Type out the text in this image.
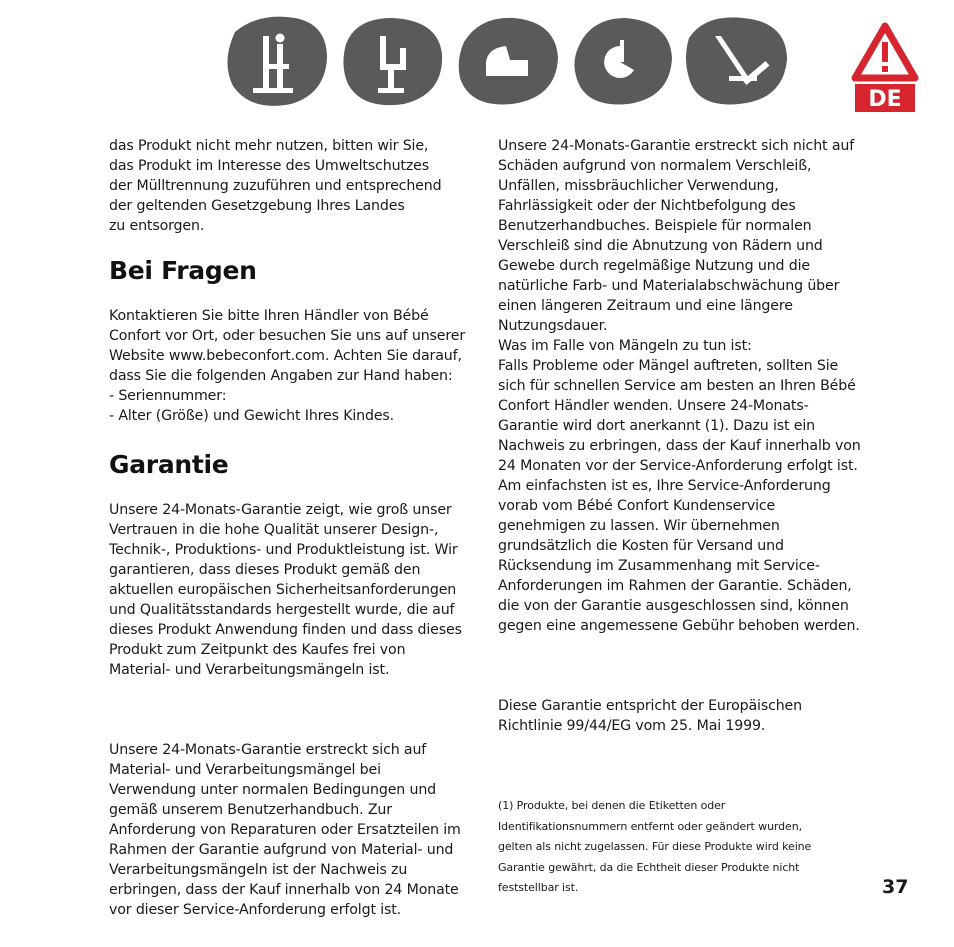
DE

das Produkt nicht mehr nutzen, bitten wir Sie,
das Produkt im Interesse des Umweltschutzes
der Mülltrennung zuzuführen und entsprechend
der geltenden Gesetzgebung Ihres Landes
zu entsorgen.

Bei Fragen

Kontaktieren Sie bitte Ihren Händler von Bébé
Confort vor Ort, oder besuchen Sie uns auf unserer
Website www.bebeconfort.com. Achten Sie darauf,
dass Sie die folgenden Angaben zur Hand haben:
- Seriennummer:
- Alter (Größe) und Gewicht Ihres Kindes.

Garantie

Unsere 24-Monats-Garantie zeigt, wie groß unser
Vertrauen in die hohe Qualität unserer Design-,
Technik-, Produktions- und Produktleistung ist. Wir
garantieren, dass dieses Produkt gemäß den
aktuellen europäischen Sicherheitsanforderungen
und Qualitätsstandards hergestellt wurde, die auf
dieses Produkt Anwendung finden und dass dieses
Produkt zum Zeitpunkt des Kaufes frei von
Material- und Verarbeitungsmängeln ist.

Unsere 24-Monats-Garantie erstreckt sich auf
Material- und Verarbeitungsmängel bei
Verwendung unter normalen Bedingungen und
gemäß unserem Benutzerhandbuch. Zur
Anforderung von Reparaturen oder Ersatzteilen im
Rahmen der Garantie aufgrund von Material- und
Verarbeitungsmängeln ist der Nachweis zu
erbringen, dass der Kauf innerhalb von 24 Monate
vor dieser Service-Anforderung erfolgt ist.

Unsere 24-Monats-Garantie erstreckt sich nicht auf
Schäden aufgrund von normalem Verschleiß,
Unfällen, missbräuchlicher Verwendung,
Fahrlässigkeit oder der Nichtbefolgung des
Benutzerhandbuches. Beispiele für normalen
Verschleiß sind die Abnutzung von Rädern und
Gewebe durch regelmäßige Nutzung und die
natürliche Farb- und Materialabschwächung über
einen längeren Zeitraum und eine längere
Nutzungsdauer.
Was im Falle von Mängeln zu tun ist:
Falls Probleme oder Mängel auftreten, sollten Sie
sich für schnellen Service am besten an Ihren Bébé
Confort Händler wenden. Unsere 24-Monats-
Garantie wird dort anerkannt (1). Dazu ist ein
Nachweis zu erbringen, dass der Kauf innerhalb von
24 Monaten vor der Service-Anforderung erfolgt ist.
Am einfachsten ist es, Ihre Service-Anforderung
vorab vom Bébé Confort Kundenservice
genehmigen zu lassen. Wir übernehmen
grundsätzlich die Kosten für Versand und
Rücksendung im Zusammenhang mit Service-
Anforderungen im Rahmen der Garantie. Schäden,
die von der Garantie ausgeschlossen sind, können
gegen eine angemessene Gebühr behoben werden.

Diese Garantie entspricht der Europäischen
Richtlinie 99/44/EG vom 25. Mai 1999.

(1) Produkte, bei denen die Etiketten oder
Identifikationsnummern entfernt oder geändert wurden,
gelten als nicht zugelassen. Für diese Produkte wird keine
Garantie gewährt, da die Echtheit dieser Produkte nicht
feststellbar ist.	37
